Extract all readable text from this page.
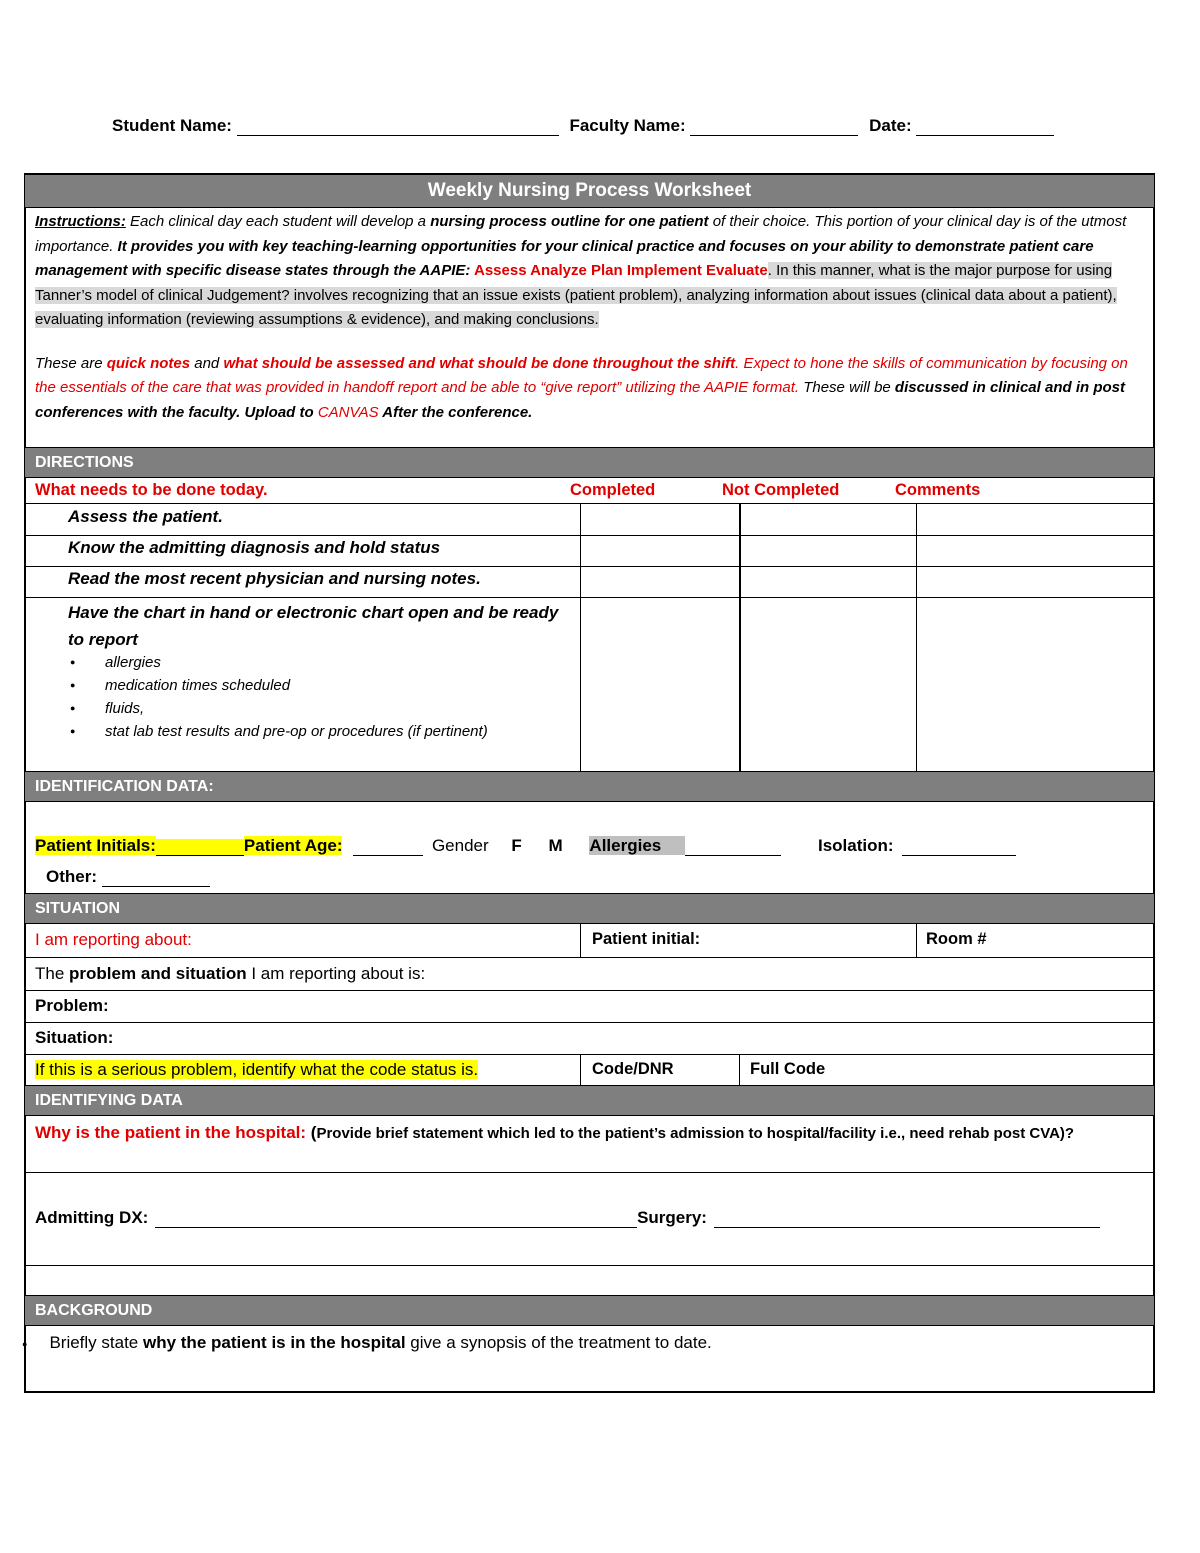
Student Name:	Faculty Name:	Date:
Weekly Nursing Process Worksheet
Instructions: Each clinical day each student will develop a nursing process outline for one patient of their choice. This portion of your clinical day is of the utmost importance. It provides you with key teaching-learning opportunities for your clinical practice and focuses on your ability to demonstrate patient care management with specific disease states through the AAPIE: Assess Analyze Plan Implement Evaluate. In this manner, what is the major purpose for using Tanner’s model of clinical Judgement? involves recognizing that an issue exists (patient problem), analyzing information about issues (clinical data about a patient), evaluating information (reviewing assumptions & evidence), and making conclusions.
These are quick notes and what should be assessed and what should be done throughout the shift. Expect to hone the skills of communication by focusing on the essentials of the care that was provided in handoff report and be able to “give report” utilizing the AAPIE format. These will be discussed in clinical and in post conferences with the faculty. Upload to CANVAS After the conference.
DIRECTIONS
What needs to be done today.	Completed	Not Completed	Comments
Assess the patient.
Know the admitting diagnosis and hold status
Read the most recent physician and nursing notes.
Have the chart in hand or electronic chart open and be ready to report
● allergies
● medication times scheduled
● fluids,
● stat lab test results and pre-op or procedures (if pertinent)
IDENTIFICATION DATA:
Patient Initials:	Patient Age:	Gender F M Allergies	Isolation:
Other:
SITUATION
I am reporting about:	Patient initial:	Room #
The problem and situation I am reporting about is:
Problem:
Situation:
If this is a serious problem, identify what the code status is.	Code/DNR	Full Code
IDENTIFYING DATA
Why is the patient in the hospital: (Provide brief statement which led to the patient’s admission to hospital/facility i.e., need rehab post CVA)?
Admitting DX:	Surgery:
BACKGROUND
● Briefly state why the patient is in the hospital give a synopsis of the treatment to date.
